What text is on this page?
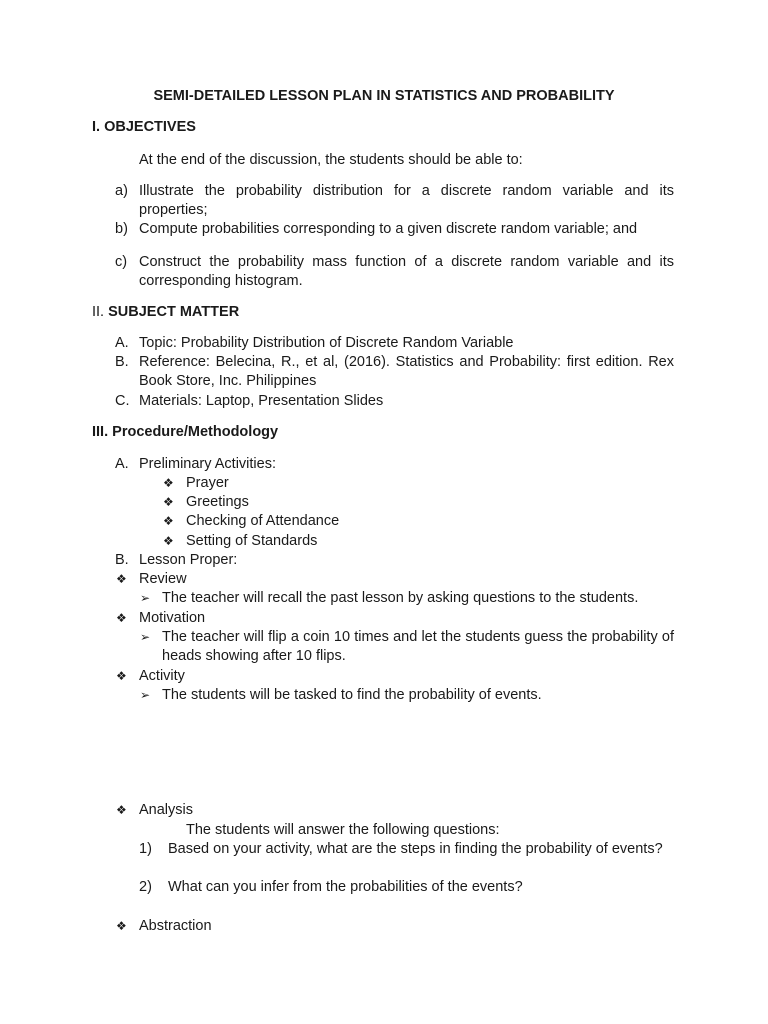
SEMI-DETAILED LESSON PLAN IN STATISTICS AND PROBABILITY
I. OBJECTIVES
At the end of the discussion, the students should be able to:
a) Illustrate the probability distribution for a discrete random variable and its properties;
b) Compute probabilities corresponding to a given discrete random variable; and
c) Construct the probability mass function of a discrete random variable and its corresponding histogram.
II. SUBJECT MATTER
A. Topic: Probability Distribution of Discrete Random Variable
B. Reference: Belecina, R., et al, (2016). Statistics and Probability: first edition. Rex Book Store, Inc. Philippines
C. Materials: Laptop, Presentation Slides
III. Procedure/Methodology
A. Preliminary Activities:
❖ Prayer
❖ Greetings
❖ Checking of Attendance
❖ Setting of Standards
B. Lesson Proper:
❖ Review
➢ The teacher will recall the past lesson by asking questions to the students.
❖ Motivation
➢ The teacher will flip a coin 10 times and let the students guess the probability of heads showing after 10 flips.
❖ Activity
➢ The students will be tasked to find the probability of events.
❖ Analysis
The students will answer the following questions:
1) Based on your activity, what are the steps in finding the probability of events?
2) What can you infer from the probabilities of the events?
❖ Abstraction
